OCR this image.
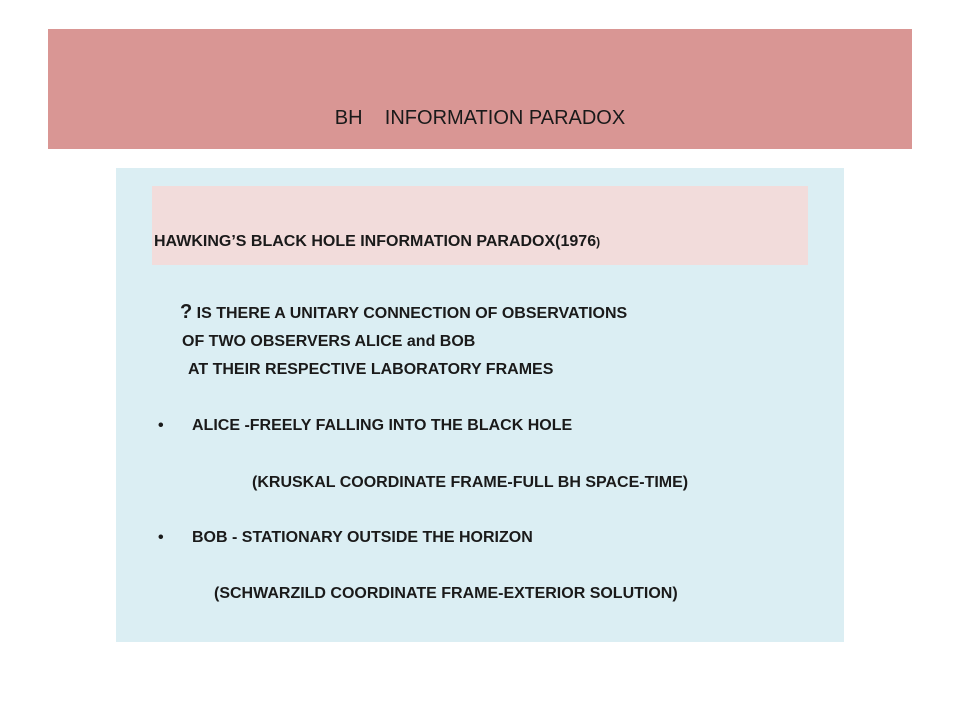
BH    INFORMATION PARADOX
HAWKING’S BLACK HOLE INFORMATION PARADOX(1976)
? IS THERE A UNITARY CONNECTION OF OBSERVATIONS
OF TWO OBSERVERS ALICE and BOB
AT THEIR RESPECTIVE LABORATORY FRAMES
• ALICE -FREELY FALLING INTO THE BLACK HOLE
(KRUSKAL COORDINATE FRAME-FULL BH SPACE-TIME)
• BOB - STATIONARY OUTSIDE THE HORIZON
(SCHWARZILD COORDINATE FRAME-EXTERIOR SOLUTION)
